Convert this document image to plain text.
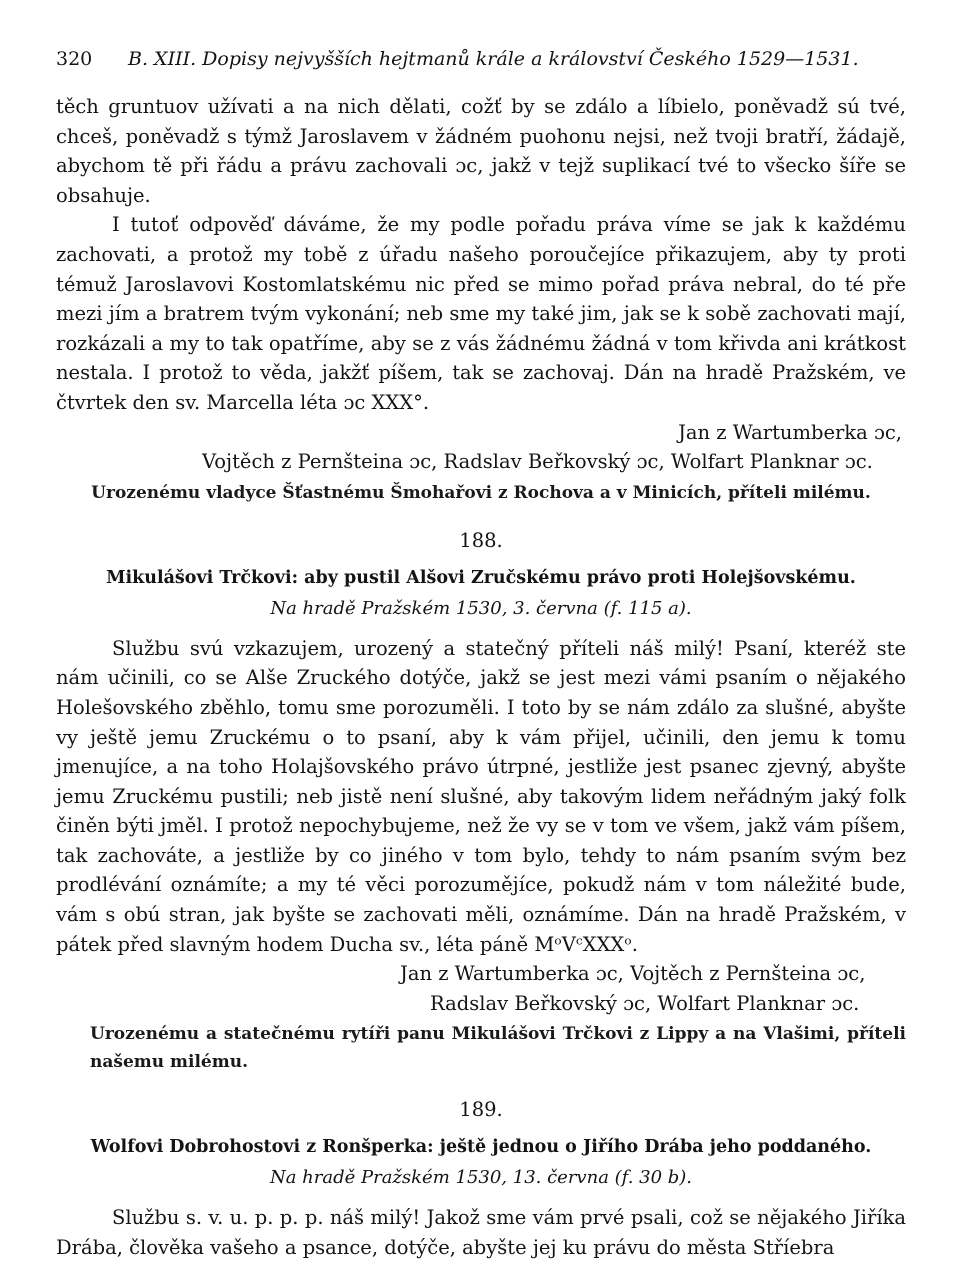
320 B. XIII. Dopisy nejvyšších hejtmanů krále a království Českého 1529—1531.

těch gruntuov užívati a na nich dělati, cožť by se zdálo a líbielo, poněvadž sú tvé, chceš, poněvadž s týmž Jaroslavem v žádném puohonu nejsi, než tvoji bratří, žádajě, abychom tě při řádu a právu zachovali ɔc, jakž v tejž suplikací tvé to všecko šíře se obsahuje.

I tutoť odpověď dáváme, že my podle pořadu práva víme se jak k každému zachovati, a protož my tobě z úřadu našeho poroučejíce přikazujem, aby ty proti témuž Jaroslavovi Kostomlatskému nic před se mimo pořad práva nebral, do té pře mezi jím a bratrem tvým vykonání; neb sme my také jim, jak se k sobě zachovati mají, rozkázali a my to tak opatříme, aby se z vás žádnému žádná v tom křivda ani krátkost nestala. I protož to věda, jakžť píšem, tak se zachovaj. Dán na hradě Pražském, ve čtvrtek den sv. Marcella léta ɔc XXX°.

Jan z Wartumberka ɔc,

Vojtěch z Pernšteina ɔc, Radslav Beřkovský ɔc, Wolfart Planknar ɔc.

Urozenému vladyce Šťastnému Šmohařovi z Rochova a v Minicích, příteli milému.

188.

Mikulášovi Trčkovi: aby pustil Alšovi Zručskému právo proti Holejšovskému.

Na hradě Pražském 1530, 3. června (f. 115 a).

Službu svú vzkazujem, urozený a statečný příteli náš milý! Psaní, kteréž ste nám učinili, co se Alše Zruckého dotýče, jakž se jest mezi vámi psaním o nějakého Holešovského zběhlo, tomu sme porozuměli. I toto by se nám zdálo za slušné, abyšte vy ještě jemu Zruckému o to psaní, aby k vám přijel, učinili, den jemu k tomu jmenujíce, a na toho Holajšovského právo útrpné, jestliže jest psanec zjevný, abyšte jemu Zruckému pustili; neb jistě není slušné, aby takovým lidem neřádným jaký folk činěn býti jměl. I protož nepochybujeme, než že vy se v tom ve všem, jakž vám píšem, tak zachováte, a jestliže by co jiného v tom bylo, tehdy to nám psaním svým bez prodlévání oznámíte; a my té věci porozumějíce, pokudž nám v tom náležité bude, vám s obú stran, jak byšte se zachovati měli, oznámíme. Dán na hradě Pražském, v pátek před slavným hodem Ducha sv., léta páně MᵒVᶜXXXᵒ.

Jan z Wartumberka ɔc, Vojtěch z Pernšteina ɔc,

Radslav Beřkovský ɔc, Wolfart Planknar ɔc.

Urozenému a statečnému rytíři panu Mikulášovi Trčkovi z Lippy a na Vlašimi, příteli našemu milému.

189.

Wolfovi Dobrohostovi z Ronšperka: ještě jednou o Jiřího Drába jeho poddaného.

Na hradě Pražském 1530, 13. června (f. 30 b).

Službu s. v. u. p. p. p. náš milý! Jakož sme vám prvé psali, což se nějakého Jiříka Drába, člověka vašeho a psance, dotýče, abyšte jej ku právu do města Stříebra
